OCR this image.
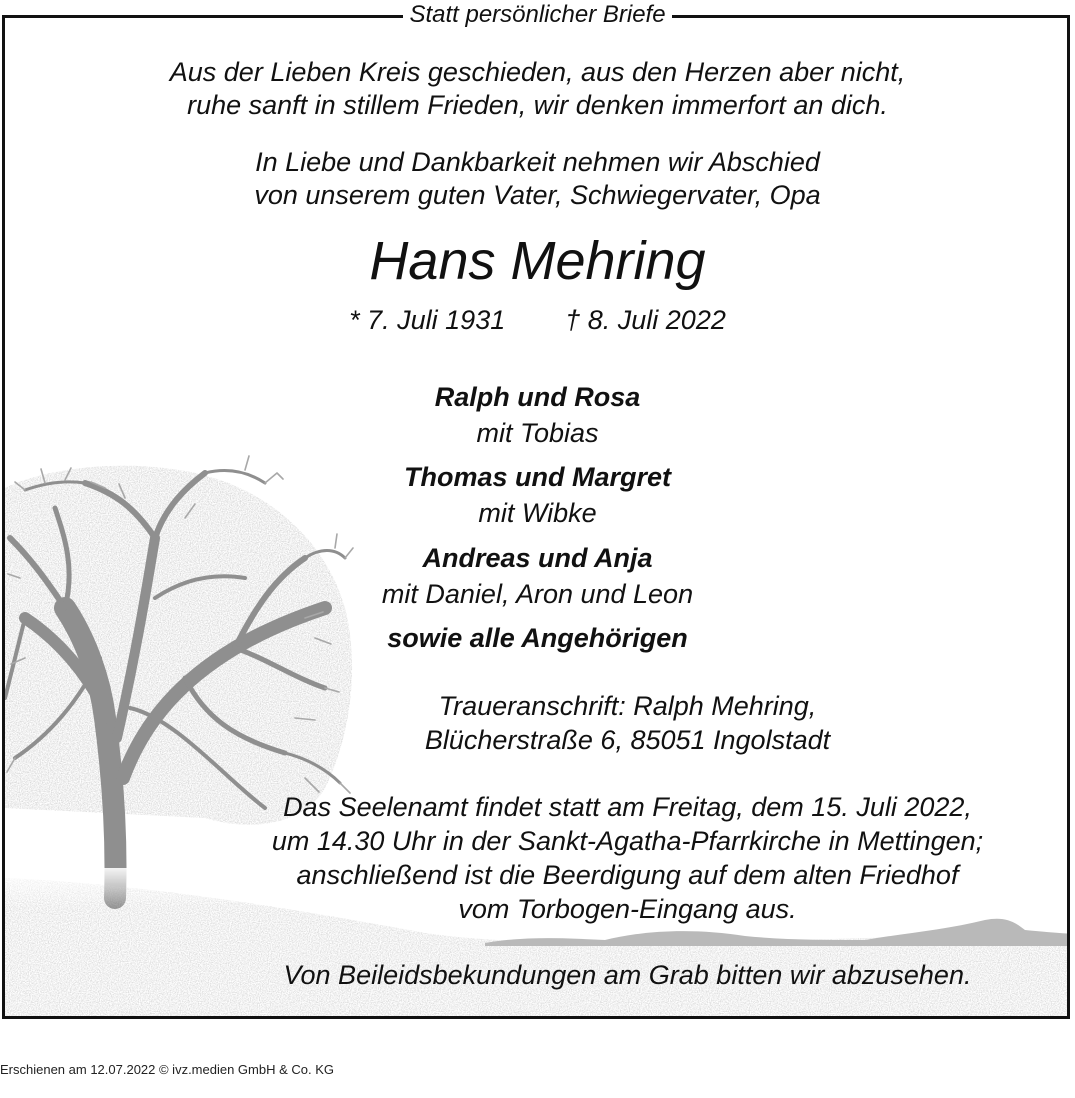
Statt persönlicher Briefe
Aus der Lieben Kreis geschieden, aus den Herzen aber nicht,
ruhe sanft in stillem Frieden, wir denken immerfort an dich.
In Liebe und Dankbarkeit nehmen wir Abschied
von unserem guten Vater, Schwiegervater, Opa
Hans Mehring
* 7. Juli 1931 † 8. Juli 2022
Ralph und Rosa
mit Tobias
Thomas und Margret
mit Wibke
Andreas und Anja
mit Daniel, Aron und Leon
sowie alle Angehörigen
Traueranschrift: Ralph Mehring,
Blücherstraße 6, 85051 Ingolstadt
Das Seelenamt findet statt am Freitag, dem 15. Juli 2022,
um 14.30 Uhr in der Sankt-Agatha-Pfarrkirche in Mettingen;
anschließend ist die Beerdigung auf dem alten Friedhof
vom Torbogen-Eingang aus.
Von Beileidsbekundungen am Grab bitten wir abzusehen.
Erschienen am 12.07.2022 © ivz.medien GmbH & Co. KG
